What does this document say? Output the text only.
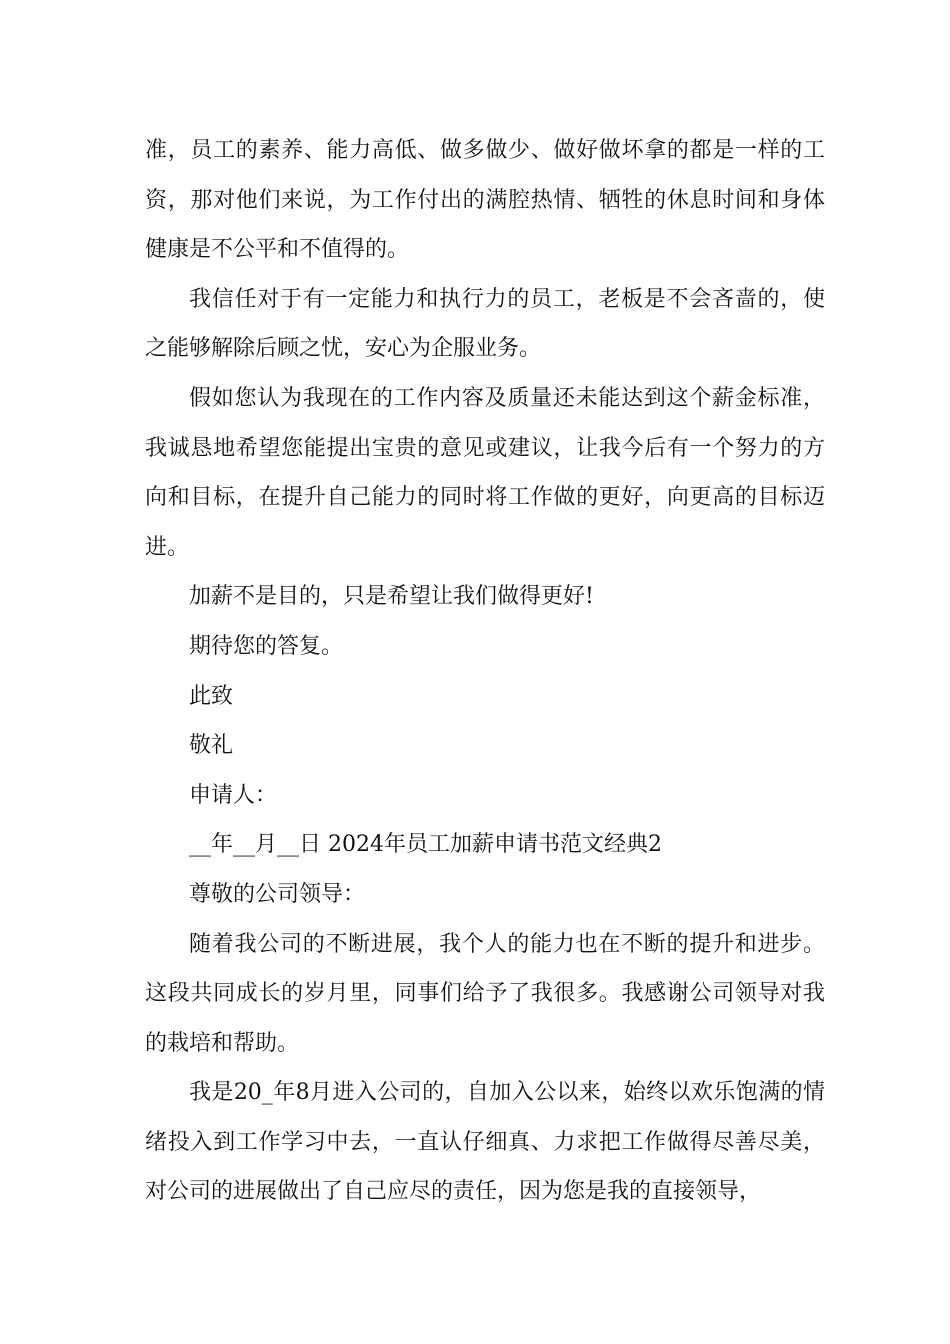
准，员工的素养、能力高低、做多做少、做好做坏拿的都是一样的工资，那对他们来说，为工作付出的满腔热情、牺牲的休息时间和身体健康是不公平和不值得的。

我信任对于有一定能力和执行力的员工，老板是不会吝啬的，使之能够解除后顾之忧，安心为企服业务。

假如您认为我现在的工作内容及质量还未能达到这个薪金标准，我诚恳地希望您能提出宝贵的意见或建议，让我今后有一个努力的方向和目标，在提升自己能力的同时将工作做的更好，向更高的目标迈进。

加薪不是目的，只是希望让我们做得更好!

期待您的答复。

此致

敬礼

申请人：

__年__月__日 2024年员工加薪申请书范文经典2

尊敬的公司领导：

随着我公司的不断进展，我个人的能力也在不断的提升和进步。这段共同成长的岁月里，同事们给予了我很多。我感谢公司领导对我的栽培和帮助。

我是20_年8月进入公司的，自加入公以来，始终以欢乐饱满的情绪投入到工作学习中去，一直认仔细真、力求把工作做得尽善尽美，对公司的进展做出了自己应尽的责任，因为您是我的直接领导，
